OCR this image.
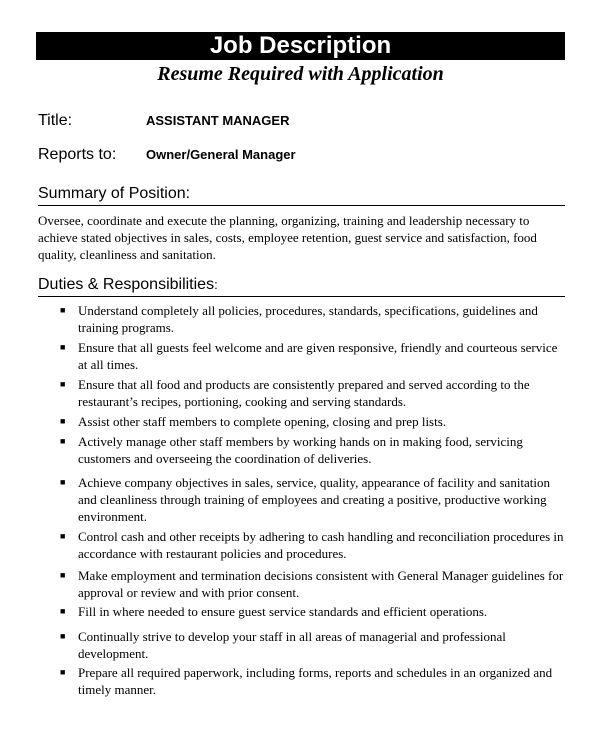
Job Description
Resume Required with Application
Title:	ASSISTANT MANAGER
Reports to: Owner/General Manager
Summary of Position:
Oversee, coordinate and execute the planning, organizing, training and leadership necessary to achieve stated objectives in sales, costs, employee retention, guest service and satisfaction, food quality, cleanliness and sanitation.
Duties & Responsibilities:
■ Understand completely all policies, procedures, standards, specifications, guidelines and training programs.
■ Ensure that all guests feel welcome and are given responsive, friendly and courteous service at all times.
■ Ensure that all food and products are consistently prepared and served according to the restaurant’s recipes, portioning, cooking and serving standards.
■ Assist other staff members to complete opening, closing and prep lists.
■ Actively manage other staff members by working hands on in making food, servicing customers and overseeing the coordination of deliveries.
■ Achieve company objectives in sales, service, quality, appearance of facility and sanitation and cleanliness through training of employees and creating a positive, productive working environment.
■ Control cash and other receipts by adhering to cash handling and reconciliation procedures in accordance with restaurant policies and procedures.
■ Make employment and termination decisions consistent with General Manager guidelines for approval or review and with prior consent.
■ Fill in where needed to ensure guest service standards and efficient operations.
■ Continually strive to develop your staff in all areas of managerial and professional development.
■ Prepare all required paperwork, including forms, reports and schedules in an organized and timely manner.
